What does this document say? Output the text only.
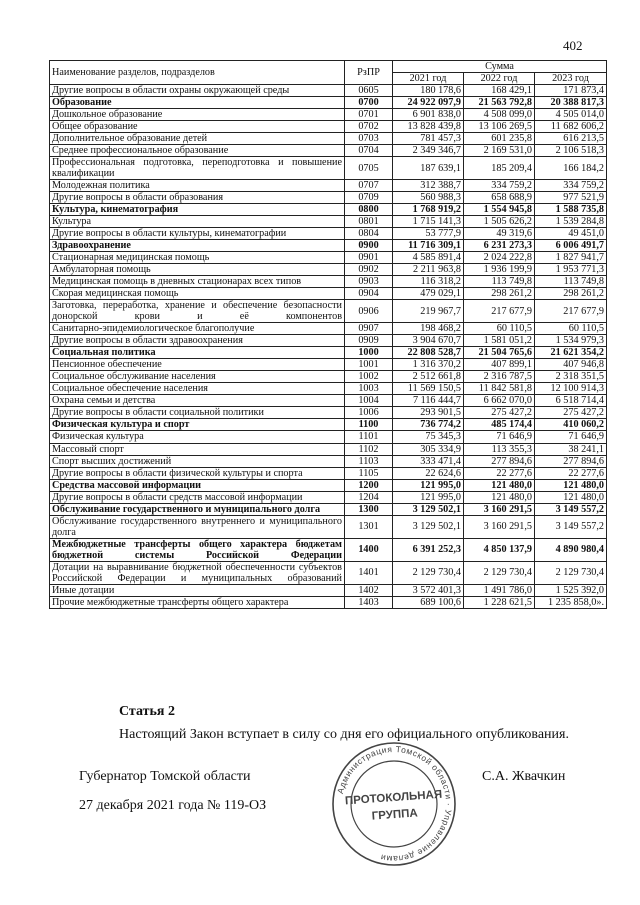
402
Наименование разделов, подразделов	РзПР	Сумма		
		2021 год	2022 год	2023 год
Другие вопросы в области охраны окружающей среды	0605	180 178,6	168 429,1	171 873,4
Образование	0700	24 922 097,9	21 563 792,8	20 388 817,3
Дошкольное образование	0701	6 901 838,0	4 508 099,0	4 505 014,0
Общее образование	0702	13 828 439,8	13 106 269,5	11 682 606,2
Дополнительное образование детей	0703	781 457,3	601 235,8	616 213,5
Среднее профессиональное образование	0704	2 349 346,7	2 169 531,0	2 106 518,3
Профессиональная подготовка, переподготовка и повышение квалификации	0705	187 639,1	185 209,4	166 184,2
Молодежная политика	0707	312 388,7	334 759,2	334 759,2
Другие вопросы в области образования	0709	560 988,3	658 688,9	977 521,9
Культура, кинематография	0800	1 768 919,2	1 554 945,8	1 588 735,8
Культура	0801	1 715 141,3	1 505 626,2	1 539 284,8
Другие вопросы в области культуры, кинематографии	0804	53 777,9	49 319,6	49 451,0
Здравоохранение	0900	11 716 309,1	6 231 273,3	6 006 491,7
Стационарная медицинская помощь	0901	4 585 891,4	2 024 222,8	1 827 941,7
Амбулаторная помощь	0902	2 211 963,8	1 936 199,9	1 953 771,3
Медицинская помощь в дневных стационарах всех типов	0903	116 318,2	113 749,8	113 749,8
Скорая медицинская помощь	0904	479 029,1	298 261,2	298 261,2
Заготовка, переработка, хранение и обеспечение безопасности донорской крови и её компонентов	0906	219 967,7	217 677,9	217 677,9
Санитарно-эпидемиологическое благополучие	0907	198 468,2	60 110,5	60 110,5
Другие вопросы в области здравоохранения	0909	3 904 670,7	1 581 051,2	1 534 979,3
Социальная политика	1000	22 808 528,7	21 504 765,6	21 621 354,2
Пенсионное обеспечение	1001	1 316 370,2	407 899,1	407 946,8
Социальное обслуживание населения	1002	2 512 661,8	2 316 787,5	2 318 351,5
Социальное обеспечение населения	1003	11 569 150,5	11 842 581,8	12 100 914,3
Охрана семьи и детства	1004	7 116 444,7	6 662 070,0	6 518 714,4
Другие вопросы в области социальной политики	1006	293 901,5	275 427,2	275 427,2
Физическая культура и спорт	1100	736 774,2	485 174,4	410 060,2
Физическая культура	1101	75 345,3	71 646,9	71 646,9
Массовый спорт	1102	305 334,9	113 355,3	38 241,1
Спорт высших достижений	1103	333 471,4	277 894,6	277 894,6
Другие вопросы в области физической культуры и спорта	1105	22 624,6	22 277,6	22 277,6
Средства массовой информации	1200	121 995,0	121 480,0	121 480,0
Другие вопросы в области средств массовой информации	1204	121 995,0	121 480,0	121 480,0
Обслуживание государственного и муниципального долга	1300	3 129 502,1	3 160 291,5	3 149 557,2
Обслуживание государственного внутреннего и муниципального долга	1301	3 129 502,1	3 160 291,5	3 149 557,2
Межбюджетные трансферты общего характера бюджетам бюджетной системы Российской Федерации	1400	6 391 252,3	4 850 137,9	4 890 980,4
Дотации на выравнивание бюджетной обеспеченности субъектов Российской Федерации и муниципальных образований	1401	2 129 730,4	2 129 730,4	2 129 730,4
Иные дотации	1402	3 572 401,3	1 491 786,0	1 525 392,0
Прочие межбюджетные трансферты общего характера	1403	689 100,6	1 228 621,5	1 235 858,0».
Статья 2
Настоящий Закон вступает в силу со дня его официального опубликования.
Губернатор Томской области
27 декабря 2021 года № 119-ОЗ
С.А. Жвачкин
Администрация Томской области · Управление делами
ПРОТОКОЛЬНАЯ
ГРУППА
